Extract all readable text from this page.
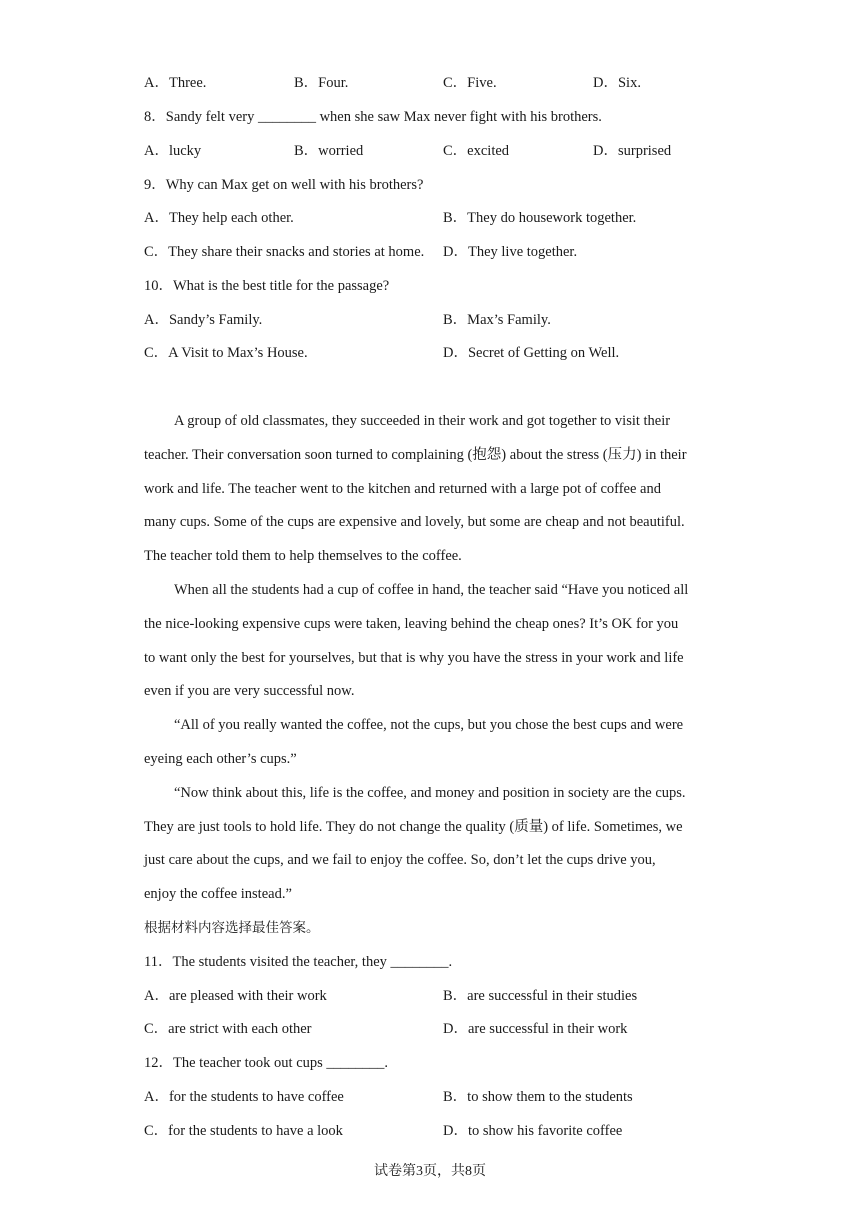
A．Three.	B．Four.	C．Five.	D．Six.
8．Sandy felt very ________ when she saw Max never fight with his brothers.
A．lucky	B．worried	C．excited	D．surprised
9．Why can Max get on well with his brothers?
A．They help each other.	B．They do housework together.
C．They share their snacks and stories at home. D．They live together.
10．What is the best title for the passage?
A．Sandy’s Family.	B．Max’s Family.
C．A Visit to Max’s House.	D．Secret of Getting on Well.
A group of old classmates, they succeeded in their work and got together to visit their
teacher. Their conversation soon turned to complaining (抱怨) about the stress (压力) in their
work and life. The teacher went to the kitchen and returned with a large pot of coffee and
many cups. Some of the cups are expensive and lovely, but some are cheap and not beautiful.
The teacher told them to help themselves to the coffee.
When all the students had a cup of coffee in hand, the teacher said “Have you noticed all
the nice-looking expensive cups were taken, leaving behind the cheap ones? It’s OK for you
to want only the best for yourselves, but that is why you have the stress in your work and life
even if you are very successful now.
“All of you really wanted the coffee, not the cups, but you chose the best cups and were
eyeing each other’s cups.”
“Now think about this, life is the coffee, and money and position in society are the cups.
They are just tools to hold life. They do not change the quality (质量) of life. Sometimes, we
just care about the cups, and we fail to enjoy the coffee. So, don’t let the cups drive you,
enjoy the coffee instead.”
根据材料内容选择最佳答案。
11．The students visited the teacher, they ________.
A．are pleased with their work	B．are successful in their studies
C．are strict with each other	D．are successful in their work
12．The teacher took out cups ________.
A．for the students to have coffee	B．to show them to the students
C．for the students to have a look	D．to show his favorite coffee
试卷第3页，共8页
